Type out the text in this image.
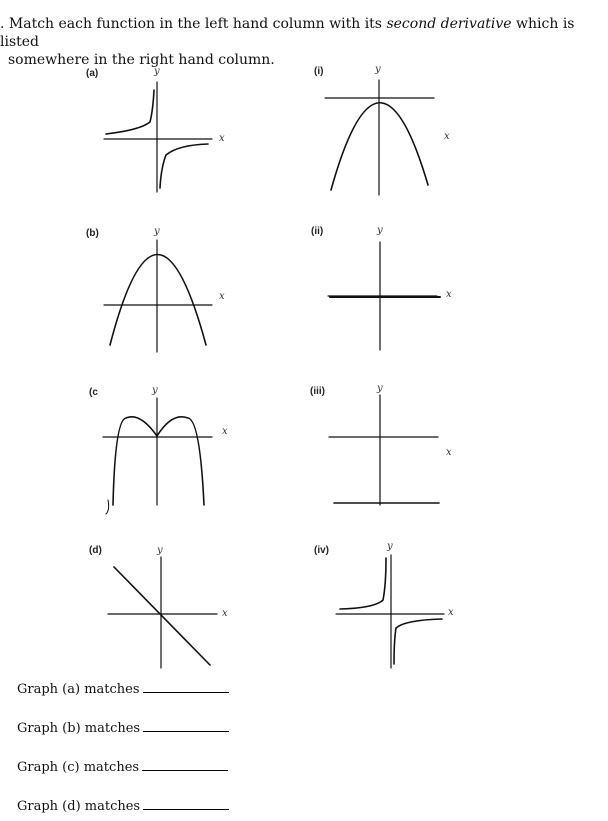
. Match each function in the left hand column with its second derivative which is listed
somewhere in the right hand column.
(a)	y
x
(b)	y
x
(c	y
x
(d)	y
x
(i)	y
x
(ii)	y
x
(iii)	y
x
(iv)	y
x
Graph (a) matches
Graph (b) matches
Graph (c) matches
Graph (d) matches
